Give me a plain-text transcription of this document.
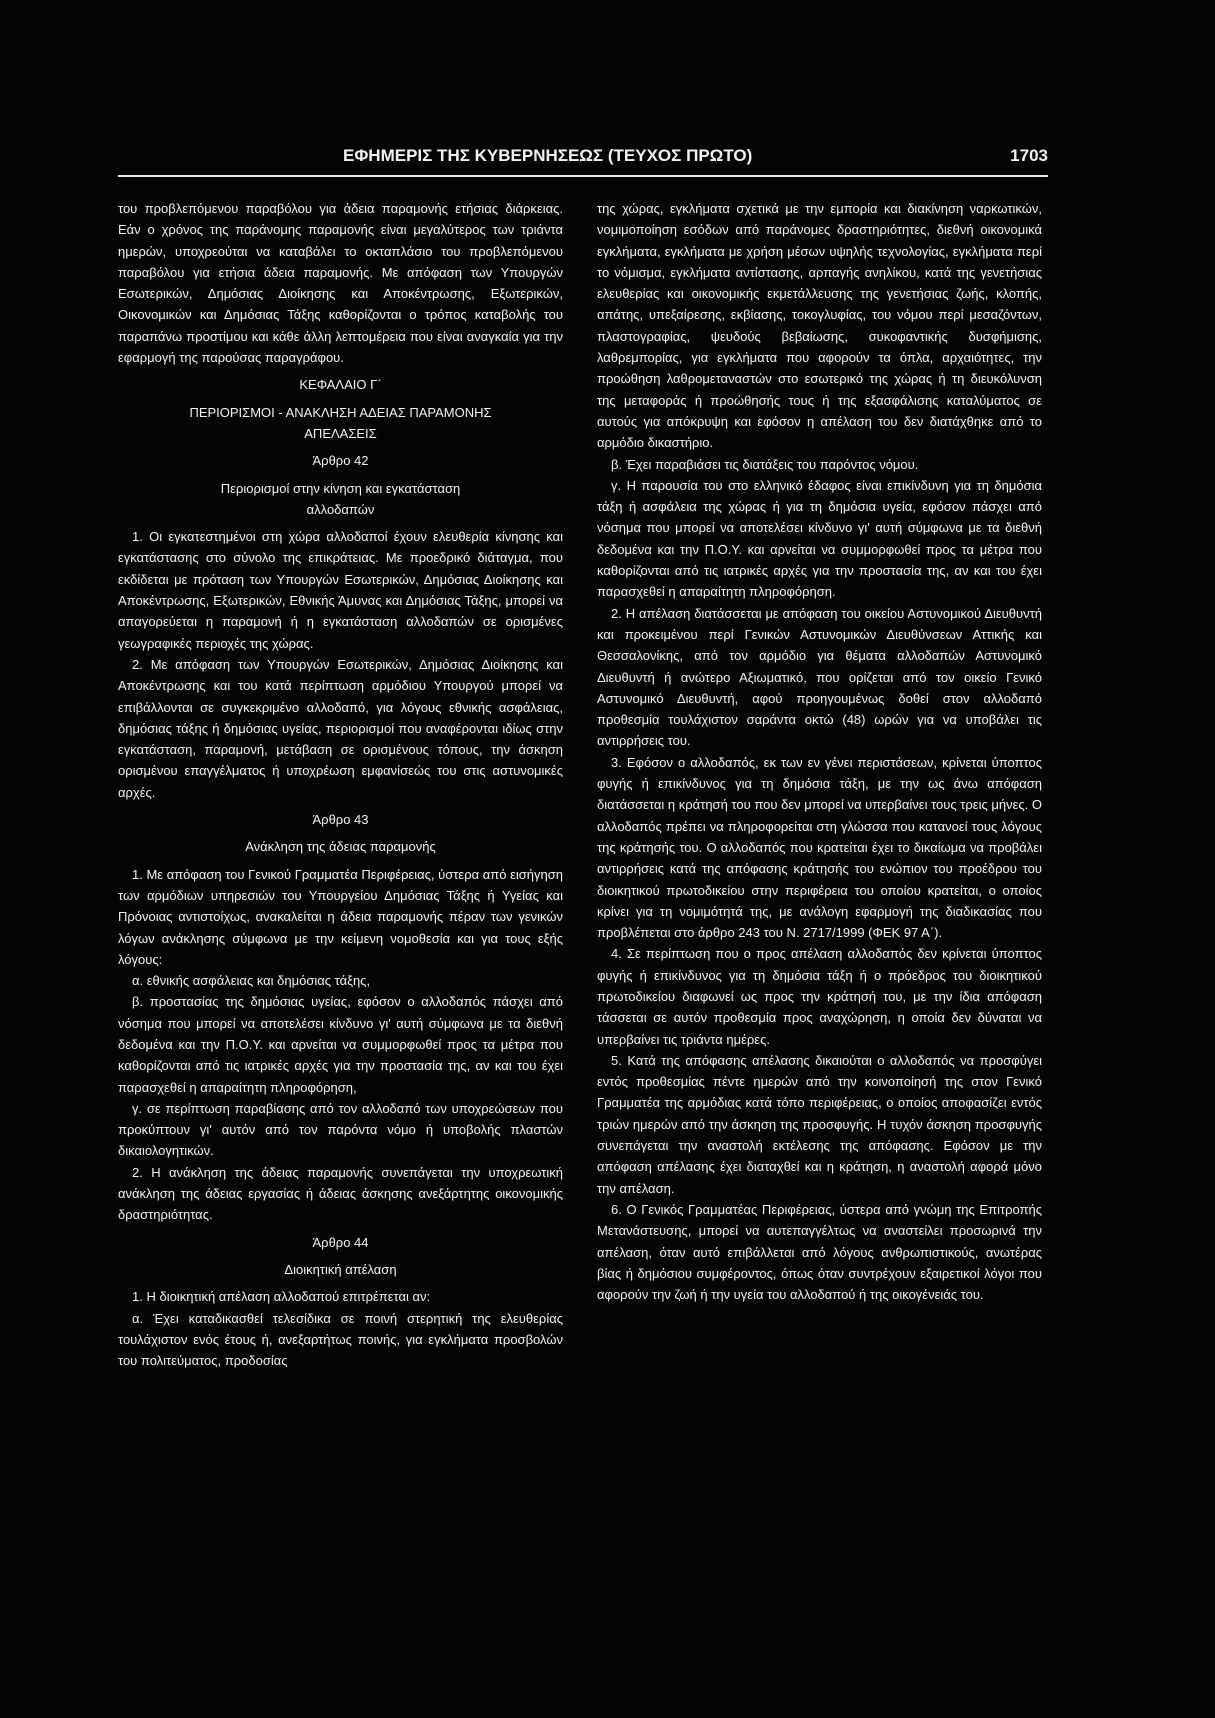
ΕΦΗΜΕΡΙΣ ΤΗΣ ΚΥΒΕΡΝΗΣΕΩΣ (ΤΕΥΧΟΣ ΠΡΩΤΟ)	1703

του προβλεπόμενου παραβόλου για άδεια παραμονής ετήσιας διάρκειας. Εάν ο χρόνος της παράνομης παραμονής είναι μεγαλύτερος των τριάντα ημερών, υποχρεούται να καταβάλει το οκταπλάσιο του προβλεπόμενου παραβόλου για ετήσια άδεια παραμονής. Με απόφαση των Υπουργών Εσωτερικών, Δημόσιας Διοίκησης και Αποκέντρωσης, Εξωτερικών, Οικονομικών και Δημόσιας Τάξης καθορίζονται ο τρόπος καταβολής του παραπάνω προστίμου και κάθε άλλη λεπτομέρεια που είναι αναγκαία για την εφαρμογή της παρούσας παραγράφου.

ΚΕΦΑΛΑΙΟ Γ΄

ΠΕΡΙΟΡΙΣΜΟΙ - ΑΝΑΚΛΗΣΗ ΑΔΕΙΑΣ ΠΑΡΑΜΟΝΗΣ

ΑΠΕΛΑΣΕΙΣ

Άρθρο 42

Περιορισμοί στην κίνηση και εγκατάσταση

αλλοδαπών

1. Οι εγκατεστημένοι στη χώρα αλλοδαποί έχουν ελευθερία κίνησης και εγκατάστασης στο σύνολο της επικράτειας. Με προεδρικό διάταγμα, που εκδίδεται με πρόταση των Υπουργών Εσωτερικών, Δημόσιας Διοίκησης και Αποκέντρωσης, Εξωτερικών, Εθνικής Άμυνας και Δημόσιας Τάξης, μπορεί να απαγορεύεται η παραμονή ή η εγκατάσταση αλλοδαπών σε ορισμένες γεωγραφικές περιοχές της χώρας.

2. Με απόφαση των Υπουργών Εσωτερικών, Δημόσιας Διοίκησης και Αποκέντρωσης και του κατά περίπτωση αρμόδιου Υπουργού μπορεί να επιβάλλονται σε συγκεκριμένο αλλοδαπό, για λόγους εθνικής ασφάλειας, δημόσιας τάξης ή δημόσιας υγείας, περιορισμοί που αναφέρονται ιδίως στην εγκατάσταση, παραμονή, μετάβαση σε ορισμένους τόπους, την άσκηση ορισμένου επαγγέλματος ή υποχρέωση εμφανίσεώς του στις αστυνομικές αρχές.

Άρθρο 43

Ανάκληση της άδειας παραμονής

1. Με απόφαση του Γενικού Γραμματέα Περιφέρειας, ύστερα από εισήγηση των αρμόδιων υπηρεσιών του Υπουργείου Δημόσιας Τάξης ή Υγείας και Πρόνοιας αντιστοίχως, ανακαλείται η άδεια παραμονής πέραν των γενικών λόγων ανάκλησης σύμφωνα με την κείμενη νομοθεσία και για τους εξής λόγους:

α. εθνικής ασφάλειας και δημόσιας τάξης,

β. προστασίας της δημόσιας υγείας, εφόσον ο αλλοδαπός πάσχει από νόσημα που μπορεί να αποτελέσει κίνδυνο γι' αυτή σύμφωνα με τα διεθνή δεδομένα και την Π.Ο.Υ. και αρνείται να συμμορφωθεί προς τα μέτρα που καθορίζονται από τις ιατρικές αρχές για την προστασία της, αν και του έχει παρασχεθεί η απαραίτητη πληροφόρηση,

γ. σε περίπτωση παραβίασης από τον αλλοδαπό των υποχρεώσεων που προκύπτουν γι' αυτόν από τον παρόντα νόμο ή υποβολής πλαστών δικαιολογητικών.

2. Η ανάκληση της άδειας παραμονής συνεπάγεται την υποχρεωτική ανάκληση της άδειας εργασίας ή άδειας άσκησης ανεξάρτητης οικονομικής δραστηριότητας.

Άρθρο 44

Διοικητική απέλαση

1. Η διοικητική απέλαση αλλοδαπού επιτρέπεται αν:

α. Έχει καταδικασθεί τελεσίδικα σε ποινή στερητική της ελευθερίας τουλάχιστον ενός έτους ή, ανεξαρτήτως ποινής, για εγκλήματα προσβολών του πολιτεύματος, προδοσίας

της χώρας, εγκλήματα σχετικά με την εμπορία και διακίνηση ναρκωτικών, νομιμοποίηση εσόδων από παράνομες δραστηριότητες, διεθνή οικονομικά εγκλήματα, εγκλήματα με χρήση μέσων υψηλής τεχνολογίας, εγκλήματα περί το νόμισμα, εγκλήματα αντίστασης, αρπαγής ανηλίκου, κατά της γενετήσιας ελευθερίας και οικονομικής εκμετάλλευσης της γενετήσιας ζωής, κλοπής, απάτης, υπεξαίρεσης, εκβίασης, τοκογλυφίας, του νόμου περί μεσαζόντων, πλαστογραφίας, ψευδούς βεβαίωσης, συκοφαντικής δυσφήμισης, λαθρεμπορίας, για εγκλήματα που αφορούν τα όπλα, αρχαιότητες, την προώθηση λαθρομεταναστών στο εσωτερικό της χώρας ή τη διευκόλυνση της μεταφοράς ή προώθησής τους ή της εξασφάλισης καταλύματος σε αυτούς για απόκρυψη και εφόσον η απέλαση του δεν διατάχθηκε από το αρμόδιο δικαστήριο.

β. Έχει παραβιάσει τις διατάξεις του παρόντος νόμου.

γ. Η παρουσία του στο ελληνικό έδαφος είναι επικίνδυνη για τη δημόσια τάξη ή ασφάλεια της χώρας ή για τη δημόσια υγεία, εφόσον πάσχει από νόσημα που μπορεί να αποτελέσει κίνδυνο γι' αυτή σύμφωνα με τα διεθνή δεδομένα και την Π.Ο.Υ. και αρνείται να συμμορφωθεί προς τα μέτρα που καθορίζονται από τις ιατρικές αρχές για την προστασία της, αν και του έχει παρασχεθεί η απαραίτητη πληροφόρηση.

2. Η απέλαση διατάσσεται με απόφαση του οικείου Αστυνομικού Διευθυντή και προκειμένου περί Γενικών Αστυνομικών Διευθύνσεων Αττικής και Θεσσαλονίκης, από τον αρμόδιο για θέματα αλλοδαπών Αστυνομικό Διευθυντή ή ανώτερο Αξιωματικό, που ορίζεται από τον οικείο Γενικό Αστυνομικό Διευθυντή, αφού προηγουμένως δοθεί στον αλλοδαπό προθεσμία τουλάχιστον σαράντα οκτώ (48) ωρών για να υποβάλει τις αντιρρήσεις του.

3. Εφόσον ο αλλοδαπός, εκ των εν γένει περιστάσεων, κρίνεται ύποπτος φυγής ή επικίνδυνος για τη δημόσια τάξη, με την ως άνω απόφαση διατάσσεται η κράτησή του που δεν μπορεί να υπερβαίνει τους τρεις μήνες. Ο αλλοδαπός πρέπει να πληροφορείται στη γλώσσα που κατανοεί τους λόγους της κράτησής του. Ο αλλοδαπός που κρατείται έχει το δικαίωμα να προβάλει αντιρρήσεις κατά της απόφασης κράτησής του ενώπιον του προέδρου του διοικητικού πρωτοδικείου στην περιφέρεια του οποίου κρατείται, ο οποίος κρίνει για τη νομιμότητά της, με ανάλογη εφαρμογή της διαδικασίας που προβλέπεται στο άρθρο 243 του Ν. 2717/1999 (ΦΕΚ 97 Α΄).

4. Σε περίπτωση που ο προς απέλαση αλλοδαπός δεν κρίνεται ύποπτος φυγής ή επικίνδυνος για τη δημόσια τάξη ή ο πρόεδρος του διοικητικού πρωτοδικείου διαφωνεί ως προς την κράτησή του, με την ίδια απόφαση τάσσεται σε αυτόν προθεσμία προς αναχώρηση, η οποία δεν δύναται να υπερβαίνει τις τριάντα ημέρες.

5. Κατά της απόφασης απέλασης δικαιούται ο αλλοδαπός να προσφύγει εντός προθεσμίας πέντε ημερών από την κοινοποίησή της στον Γενικό Γραμματέα της αρμόδιας κατά τόπο περιφέρειας, ο οποίος αποφασίζει εντός τριών ημερών από την άσκηση της προσφυγής. Η τυχόν άσκηση προσφυγής συνεπάγεται την αναστολή εκτέλεσης της απόφασης. Εφόσον με την απόφαση απέλασης έχει διαταχθεί και η κράτηση, η αναστολή αφορά μόνο την απέλαση.

6. Ο Γενικός Γραμματέας Περιφέρειας, ύστερα από γνώμη της Επιτροπής Μετανάστευσης, μπορεί να αυτεπαγγέλτως να αναστείλει προσωρινά την απέλαση, όταν αυτό επιβάλλεται από λόγους ανθρωπιστικούς, ανωτέρας βίας ή δημόσιου συμφέροντος, όπως όταν συντρέχουν εξαιρετικοί λόγοι που αφορούν την ζωή ή την υγεία του αλλοδαπού ή της οικογένειάς του.
